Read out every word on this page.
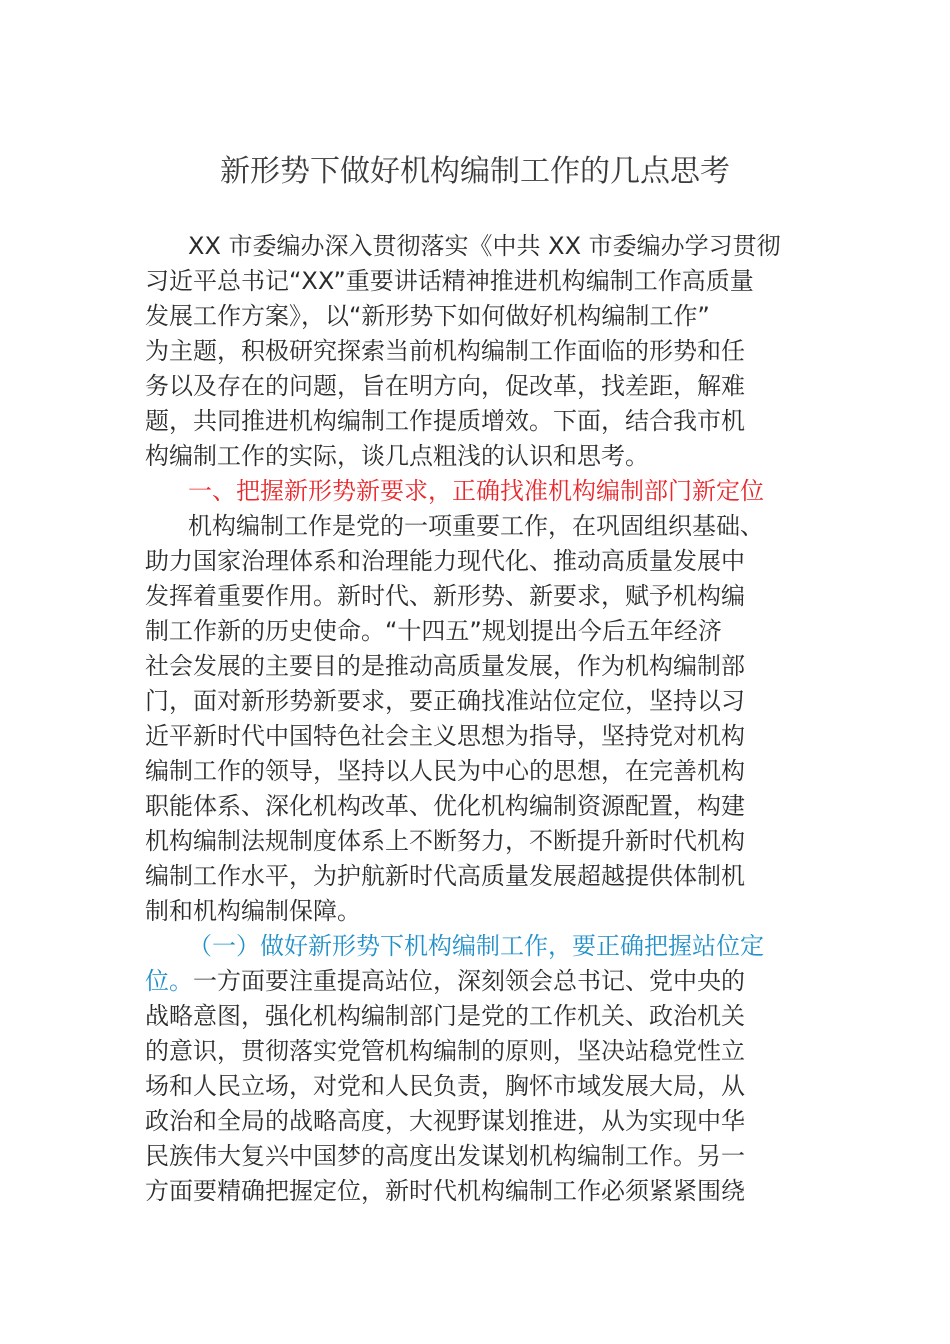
新形势下做好机构编制工作的几点思考
XX 市委编办深入贯彻落实《中共 XX 市委编办学习贯彻
习近平总书记“XX”重要讲话精神推进机构编制工作高质量
发展工作方案》，以“新形势下如何做好机构编制工作”
为主题，积极研究探索当前机构编制工作面临的形势和任
务以及存在的问题，旨在明方向，促改革，找差距，解难
题，共同推进机构编制工作提质增效。下面，结合我市机
构编制工作的实际，谈几点粗浅的认识和思考。
一、把握新形势新要求，正确找准机构编制部门新定位
机构编制工作是党的一项重要工作，在巩固组织基础、
助力国家治理体系和治理能力现代化、推动高质量发展中
发挥着重要作用。新时代、新形势、新要求，赋予机构编
制工作新的历史使命。“十四五”规划提出今后五年经济
社会发展的主要目的是推动高质量发展，作为机构编制部
门，面对新形势新要求，要正确找准站位定位，坚持以习
近平新时代中国特色社会主义思想为指导，坚持党对机构
编制工作的领导，坚持以人民为中心的思想，在完善机构
职能体系、深化机构改革、优化机构编制资源配置，构建
机构编制法规制度体系上不断努力，不断提升新时代机构
编制工作水平，为护航新时代高质量发展超越提供体制机
制和机构编制保障。
（一）做好新形势下机构编制工作，要正确把握站位定
位。一方面要注重提高站位，深刻领会总书记、党中央的
战略意图，强化机构编制部门是党的工作机关、政治机关
的意识，贯彻落实党管机构编制的原则，坚决站稳党性立
场和人民立场，对党和人民负责，胸怀市域发展大局，从
政治和全局的战略高度，大视野谋划推进，从为实现中华
民族伟大复兴中国梦的高度出发谋划机构编制工作。另一
方面要精确把握定位，新时代机构编制工作必须紧紧围绕
